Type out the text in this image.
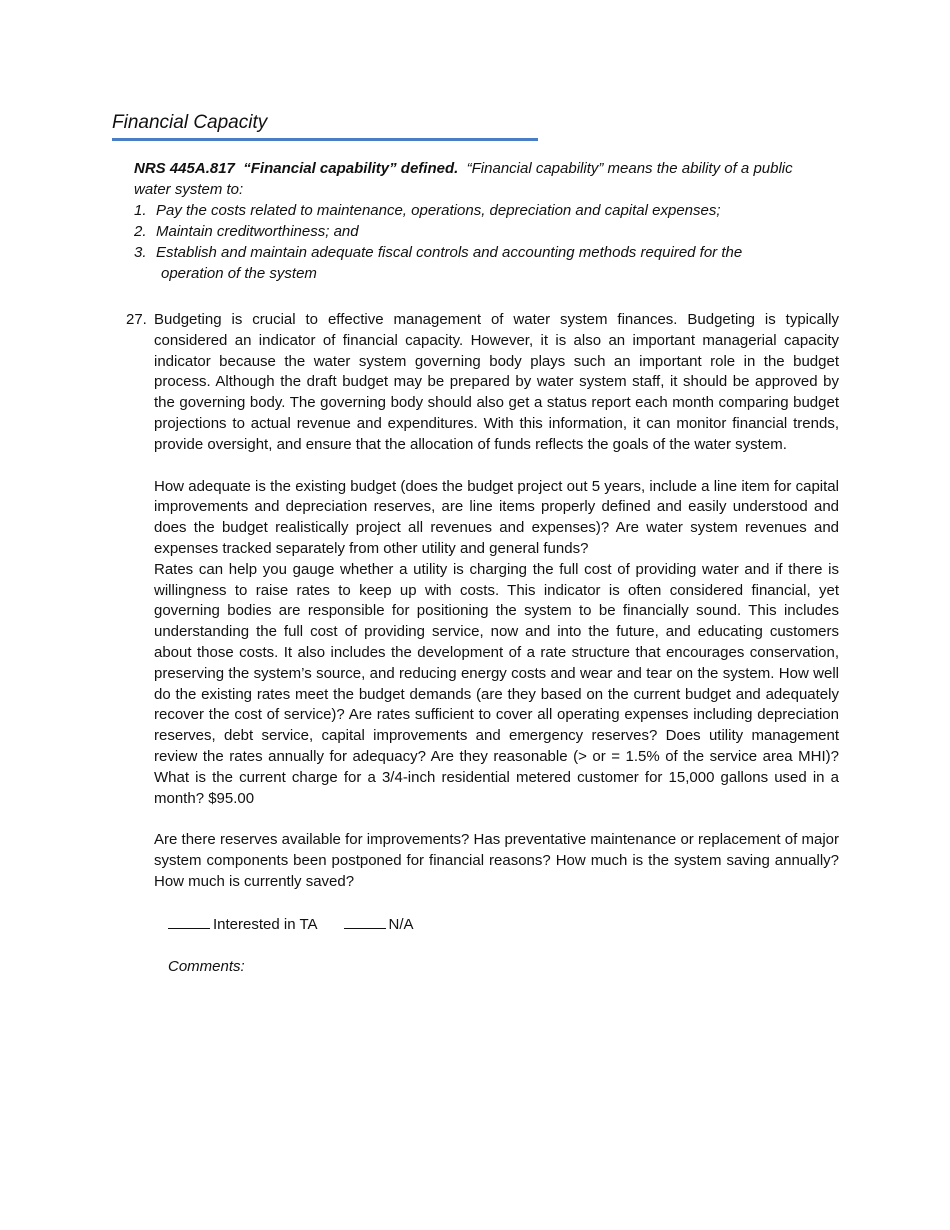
Financial Capacity
NRS 445A.817 “Financial capability” defined. “Financial capability” means the ability of a public water system to:
1. Pay the costs related to maintenance, operations, depreciation and capital expenses;
2. Maintain creditworthiness; and
3. Establish and maintain adequate fiscal controls and accounting methods required for the
operation of the system
27. Budgeting is crucial to effective management of water system finances. Budgeting is typically considered an indicator of financial capacity. However, it is also an important managerial capacity indicator because the water system governing body plays such an important role in the budget process. Although the draft budget may be prepared by water system staff, it should be approved by the governing body. The governing body should also get a status report each month comparing budget projections to actual revenue and expenditures. With this information, it can monitor financial trends, provide oversight, and ensure that the allocation of funds reflects the goals of the water system.

How adequate is the existing budget (does the budget project out 5 years, include a line item for capital improvements and depreciation reserves, are line items properly defined and easily understood and does the budget realistically project all revenues and expenses)? Are water system revenues and expenses tracked separately from other utility and general funds?

Rates can help you gauge whether a utility is charging the full cost of providing water and if there is willingness to raise rates to keep up with costs. This indicator is often considered financial, yet governing bodies are responsible for positioning the system to be financially sound. This includes understanding the full cost of providing service, now and into the future, and educating customers about those costs. It also includes the development of a rate structure that encourages conservation, preserving the system’s source, and reducing energy costs and wear and tear on the system. How well do the existing rates meet the budget demands (are they based on the current budget and adequately recover the cost of service)? Are rates sufficient to cover all operating expenses including depreciation reserves, debt service, capital improvements and emergency reserves? Does utility management review the rates annually for adequacy? Are they reasonable (> or = 1.5% of the service area MHI)? What is the current charge for a 3/4-inch residential metered customer for 15,000 gallons used in a month? $95.00

Are there reserves available for improvements? Has preventative maintenance or replacement of major system components been postponed for financial reasons? How much is the system saving annually? How much is currently saved?

Interested in TA	N/A
Comments:
